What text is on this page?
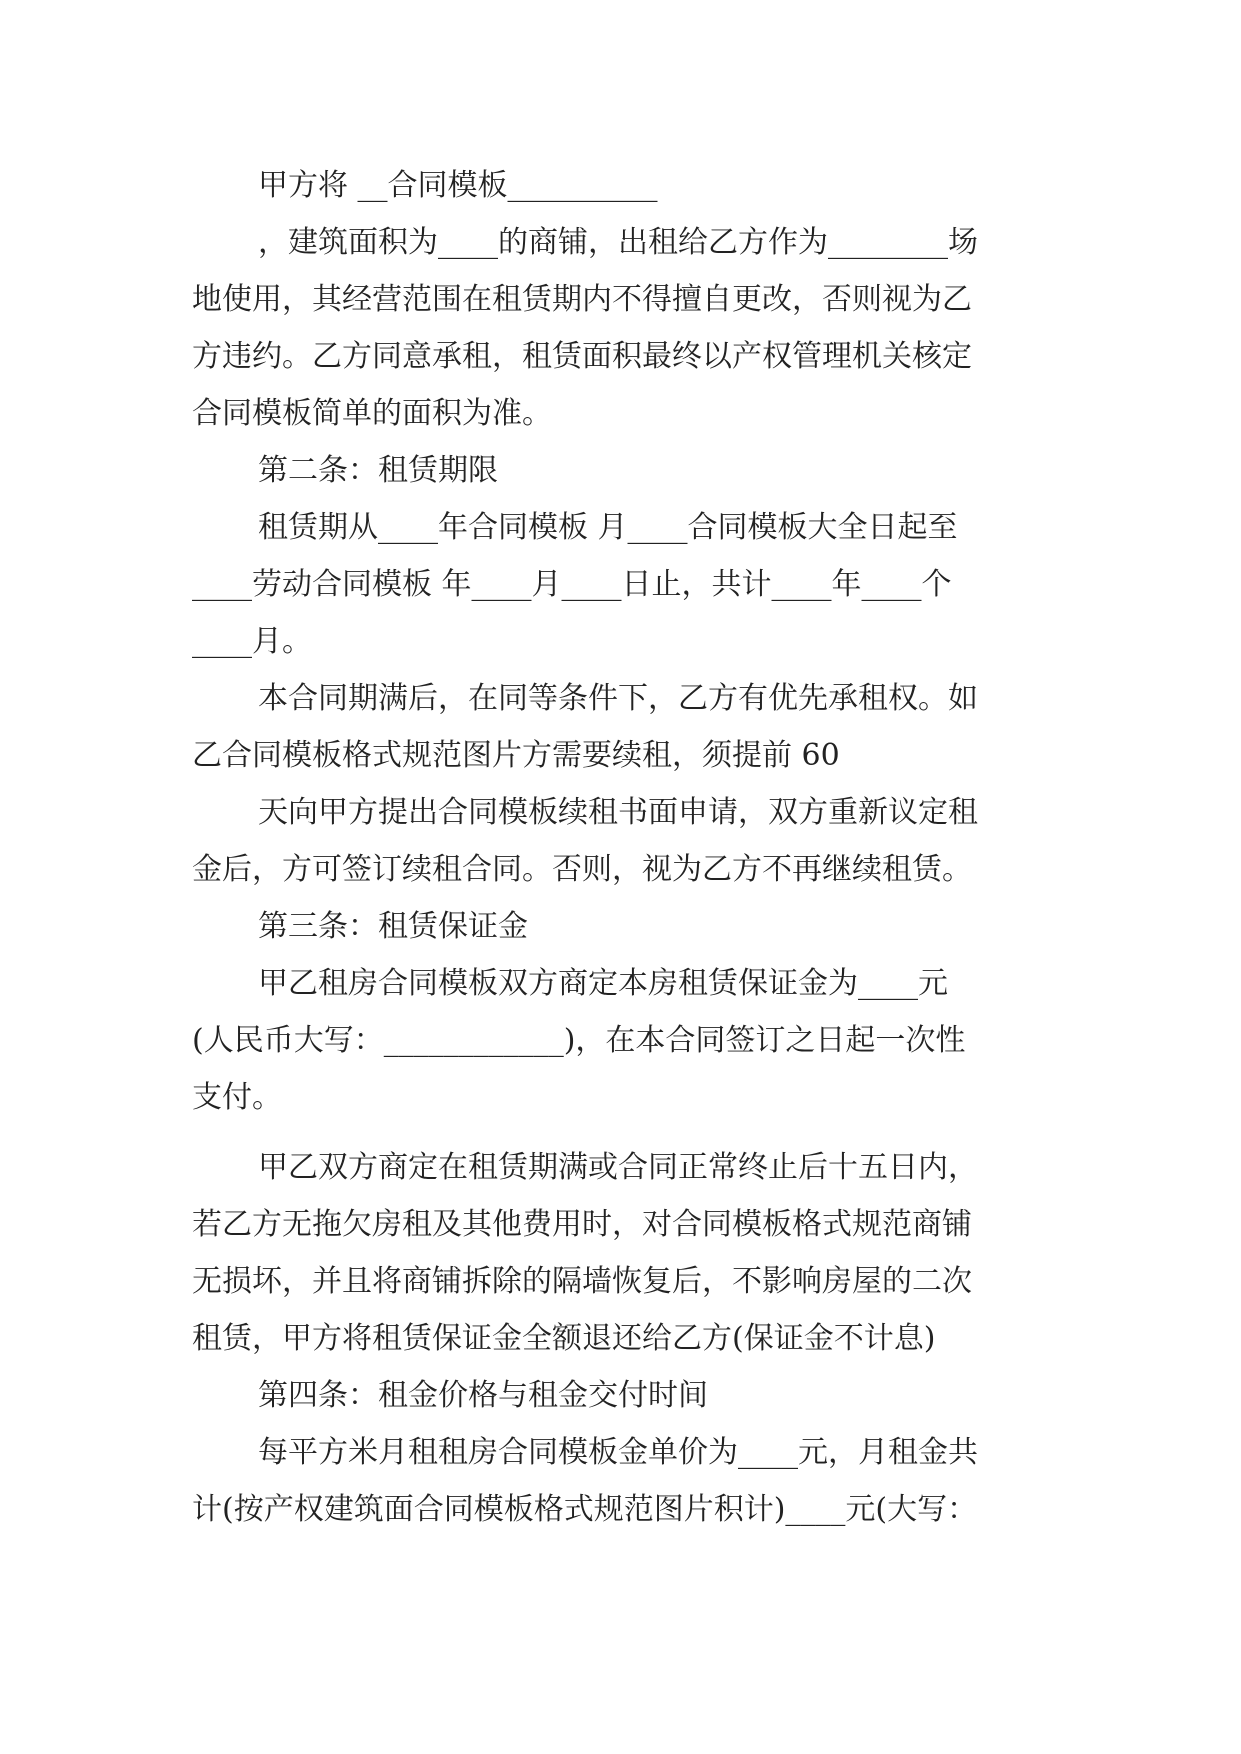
甲方将 __合同模板__________
，建筑面积为____的商铺，出租给乙方作为________场
地使用，其经营范围在租赁期内不得擅自更改，否则视为乙
方违约。乙方同意承租，租赁面积最终以产权管理机关核定
合同模板简单的面积为准。
第二条：租赁期限
租赁期从____年合同模板 月____合同模板大全日起至
____劳动合同模板 年____月____日止，共计____年____个
____月。
本合同期满后，在同等条件下，乙方有优先承租权。如
乙合同模板格式规范图片方需要续租，须提前 60
天向甲方提出合同模板续租书面申请，双方重新议定租
金后，方可签订续租合同。否则，视为乙方不再继续租赁。
第三条：租赁保证金
甲乙租房合同模板双方商定本房租赁保证金为____元
(人民币大写：____________)，在本合同签订之日起一次性
支付。
甲乙双方商定在租赁期满或合同正常终止后十五日内，
若乙方无拖欠房租及其他费用时，对合同模板格式规范商铺
无损坏，并且将商铺拆除的隔墙恢复后，不影响房屋的二次
租赁，甲方将租赁保证金全额退还给乙方(保证金不计息)
第四条：租金价格与租金交付时间
每平方米月租租房合同模板金单价为____元，月租金共
计(按产权建筑面合同模板格式规范图片积计)____元(大写：
